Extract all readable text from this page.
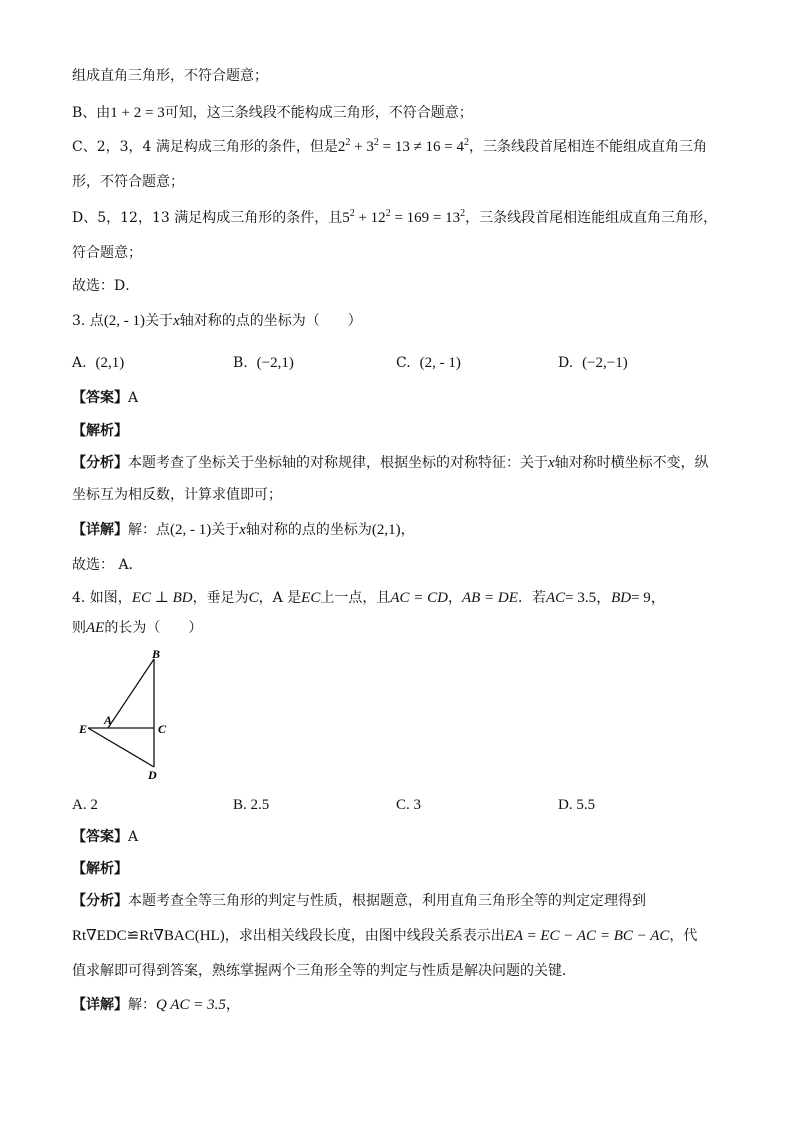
组成直角三角形，不符合题意；
B、由1 + 2 = 3可知，这三条线段不能构成三角形，不符合题意；
C、2，3，4 满足构成三角形的条件，但是$2^2 + 3^2 = 13 \ne 16 = 4^2$，三条线段首尾相连不能组成直角三角
形，不符合题意；
D、5，12，13 满足构成三角形的条件，且$5^2 + 12^2 = 169 = 13^2$，三条线段首尾相连能组成直角三角形，
符合题意；
故选：D．
3. 点(2, - 1)关于x轴对称的点的坐标为（　　）
A. (2,1)	B. (−2,1)	C. (2, - 1)	D. (−2,−1)
【答案】A
【解析】
【分析】本题考查了坐标关于坐标轴的对称规律，根据坐标的对称特征：关于x轴对称时横坐标不变，纵
坐标互为相反数，计算求值即可；
【详解】解：点(2, - 1)关于x轴对称的点的坐标为(2,1)，
故选： A．
4. 如图，EC ⊥ BD，垂足为C，A 是EC上一点，且AC = CD，AB = DE．若AC= 3.5，BD= 9，
则AE的长为（　　）
B
A
E	C
D
A. 2	B. 2.5	C. 3	D. 5.5
【答案】A
【解析】
【分析】本题考查全等三角形的判定与性质，根据题意，利用直角三角形全等的判定定理得到
Rt∇EDC≌Rt∇BAC(HL)，求出相关线段长度，由图中线段关系表示出EA = EC − AC = BC − AC，代
值求解即可得到答案，熟练掌握两个三角形全等的判定与性质是解决问题的关键．
【详解】解：Q AC = 3.5，
